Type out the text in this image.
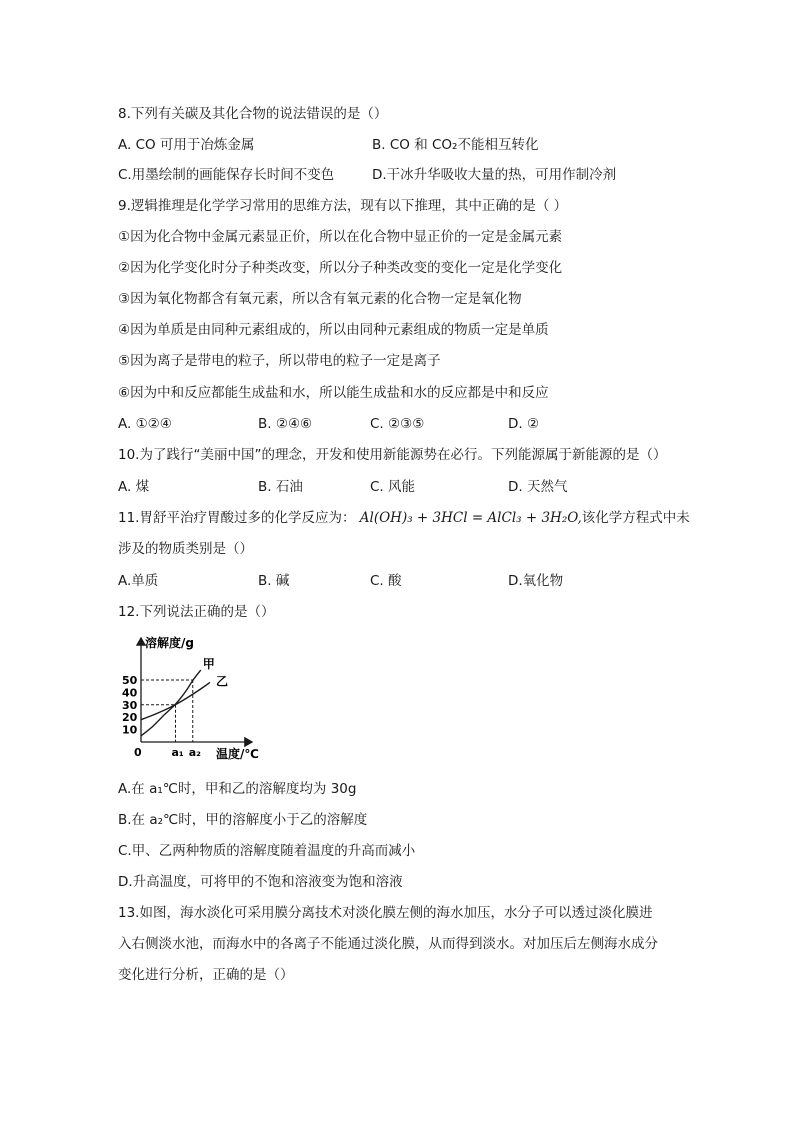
8.下列有关碳及其化合物的说法错误的是（）
A. CO 可用于冶炼金属	B. CO 和 CO₂不能相互转化
C.用墨绘制的画能保存长时间不变色	D.干冰升华吸收大量的热，可用作制冷剂
9.逻辑推理是化学学习常用的思维方法，现有以下推理，其中正确的是（ ）
①因为化合物中金属元素显正价，所以在化合物中显正价的一定是金属元素
②因为化学变化时分子种类改变，所以分子种类改变的变化一定是化学变化
③因为氧化物都含有氧元素，所以含有氧元素的化合物一定是氧化物
④因为单质是由同种元素组成的，所以由同种元素组成的物质一定是单质
⑤因为离子是带电的粒子，所以带电的粒子一定是离子
⑥因为中和反应都能生成盐和水，所以能生成盐和水的反应都是中和反应
A. ①②④	B. ②④⑥	C. ②③⑤	D. ②
10.为了践行“美丽中国”的理念，开发和使用新能源势在必行。下列能源属于新能源的是（）
A. 煤	B. 石油	C. 风能	D. 天然气
11.胃舒平治疗胃酸过多的化学反应为： Al(OH)₃ + 3HCl = AlCl₃ + 3H₂O,该化学方程式中未
涉及的物质类别是（）
A.单质	B. 碱	C. 酸	D.氧化物
12.下列说法正确的是（）
50
40
30
20
10
a₁ a₂
甲
乙
溶解度/g
温度/℃
0
A.在 a₁℃时，甲和乙的溶解度均为 30g
B.在 a₂℃时，甲的溶解度小于乙的溶解度
C.甲、乙两种物质的溶解度随着温度的升高而减小
D.升高温度，可将甲的不饱和溶液变为饱和溶液
13.如图，海水淡化可采用膜分离技术对淡化膜左侧的海水加压，水分子可以透过淡化膜进
入右侧淡水池，而海水中的各离子不能通过淡化膜，从而得到淡水。对加压后左侧海水成分
变化进行分析，正确的是（）
